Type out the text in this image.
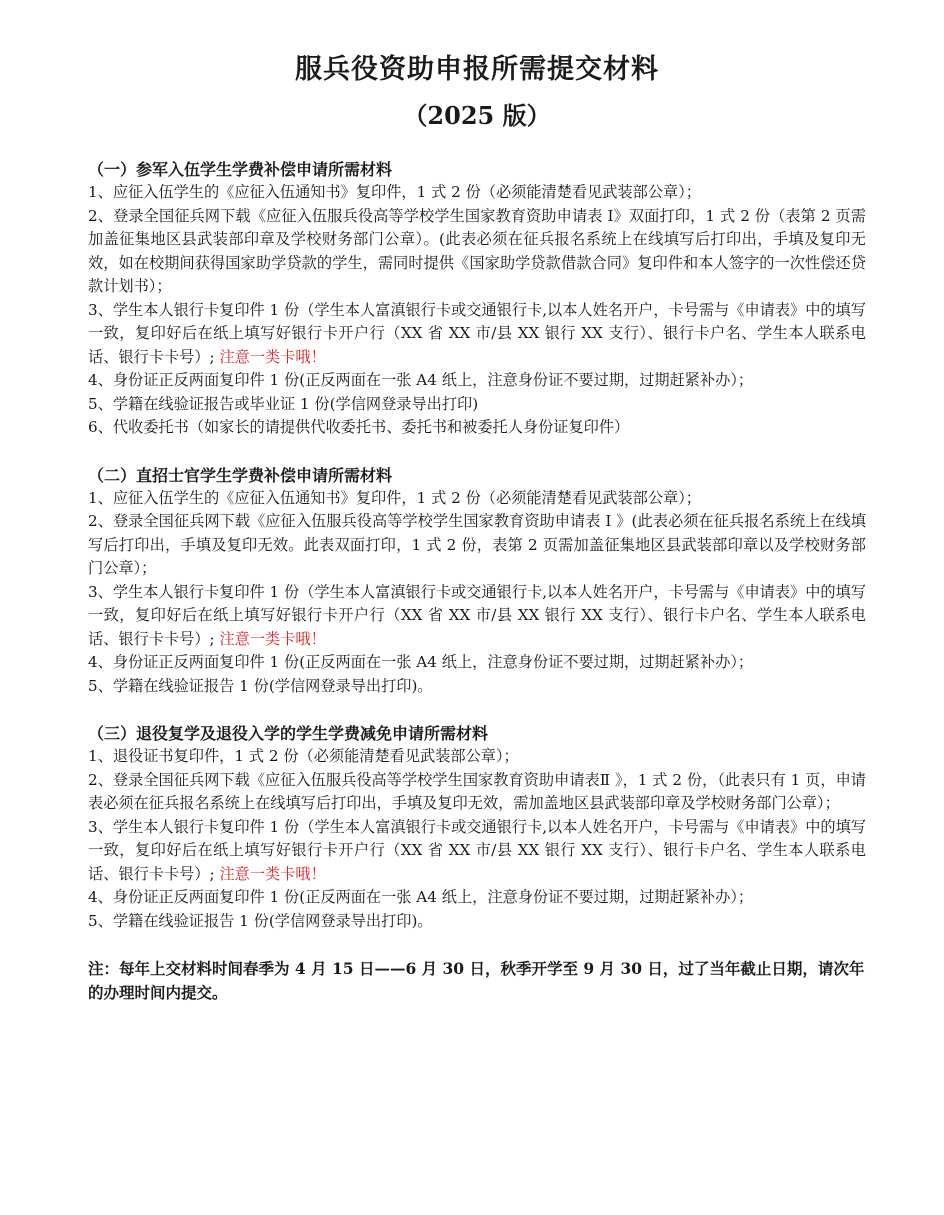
服兵役资助申报所需提交材料
（2025 版）

（一）参军入伍学生学费补偿申请所需材料

1、应征入伍学生的《应征入伍通知书》复印件，1 式 2 份（必须能清楚看见武装部公章）；

2、登录全国征兵网下载《应征入伍服兵役高等学校学生国家教育资助申请表 Ⅰ》双面打印，1 式 2 份（表第 2 页需加盖征集地区县武装部印章及学校财务部门公章）。(此表必须在征兵报名系统上在线填写后打印出，手填及复印无效，如在校期间获得国家助学贷款的学生，需同时提供《国家助学贷款借款合同》复印件和本人签字的一次性偿还贷款计划书）；

3、学生本人银行卡复印件 1 份（学生本人富滇银行卡或交通银行卡,以本人姓名开户，卡号需与《申请表》中的填写一致，复印好后在纸上填写好银行卡开户行（XX 省 XX 市/县 XX 银行 XX 支行）、银行卡户名、学生本人联系电话、银行卡卡号）; 注意一类卡哦！

4、身份证正反两面复印件 1 份(正反两面在一张 A4 纸上，注意身份证不要过期，过期赶紧补办）；

5、学籍在线验证报告或毕业证 1 份(学信网登录导出打印)

6、代收委托书（如家长的请提供代收委托书、委托书和被委托人身份证复印件）

（二）直招士官学生学费补偿申请所需材料

1、应征入伍学生的《应征入伍通知书》复印件，1 式 2 份（必须能清楚看见武装部公章）；

2、登录全国征兵网下载《应征入伍服兵役高等学校学生国家教育资助申请表 Ⅰ 》(此表必须在征兵报名系统上在线填写后打印出，手填及复印无效。此表双面打印，1 式 2 份，表第 2 页需加盖征集地区县武装部印章以及学校财务部门公章）；

3、学生本人银行卡复印件 1 份（学生本人富滇银行卡或交通银行卡,以本人姓名开户，卡号需与《申请表》中的填写一致，复印好后在纸上填写好银行卡开户行（XX 省 XX 市/县 XX 银行 XX 支行）、银行卡户名、学生本人联系电话、银行卡卡号）; 注意一类卡哦！

4、身份证正反两面复印件 1 份(正反两面在一张 A4 纸上，注意身份证不要过期，过期赶紧补办）；

5、学籍在线验证报告 1 份(学信网登录导出打印)。

（三）退役复学及退役入学的学生学费减免申请所需材料

1、退役证书复印件，1 式 2 份（必须能清楚看见武装部公章）；

2、登录全国征兵网下载《应征入伍服兵役高等学校学生国家教育资助申请表Ⅱ 》，1 式 2 份，（此表只有 1 页，申请表必须在征兵报名系统上在线填写后打印出，手填及复印无效，需加盖地区县武装部印章及学校财务部门公章）；

3、学生本人银行卡复印件 1 份（学生本人富滇银行卡或交通银行卡,以本人姓名开户，卡号需与《申请表》中的填写一致，复印好后在纸上填写好银行卡开户行（XX 省 XX 市/县 XX 银行 XX 支行）、银行卡户名、学生本人联系电话、银行卡卡号）; 注意一类卡哦！

4、身份证正反两面复印件 1 份(正反两面在一张 A4 纸上，注意身份证不要过期，过期赶紧补办）；

5、学籍在线验证报告 1 份(学信网登录导出打印)。

注：每年上交材料时间春季为 4 月 15 日——6 月 30 日，秋季开学至 9 月 30 日，过了当年截止日期，请次年的办理时间内提交。
